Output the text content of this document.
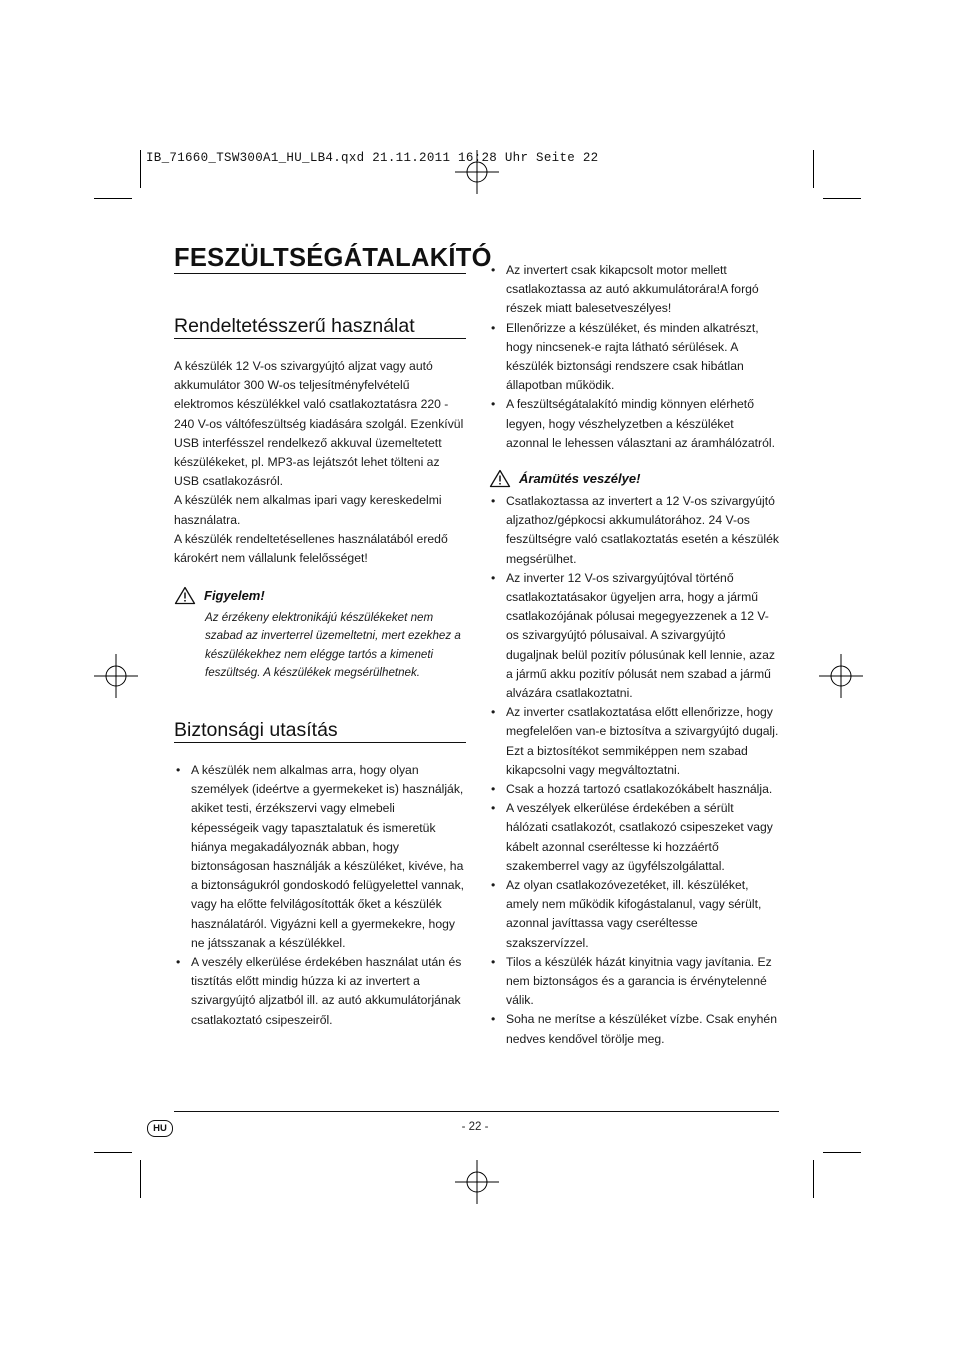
IB_71660_TSW300A1_HU_LB4.qxd 21.11.2011 16:28 Uhr Seite 22
FESZÜLTSÉGÁTALAKÍTÓ
Rendeltetésszerű használat

A készülék 12 V-os szivargyújtó aljzat vagy autó akkumulátor 300 W-os teljesítményfelvételű elektromos készülékkel való csatlakoztatásra 220 - 240 V-os váltófeszültség kiadására szolgál. Ezenkívül USB interfésszel rendelkező akkuval üzemeltetett készülékeket, pl. MP3-as lejátszót lehet tölteni az USB csatlakozásról.

A készülék nem alkalmas ipari vagy kereskedelmi használatra.

A készülék rendeltetésellenes használatából eredő károkért nem vállalunk felelősséget!

Figyelem!

Az érzékeny elektronikájú készülékeket nem szabad az inverterrel üzemeltetni, mert ezekhez a készülékekhez nem elégge tartós a kimeneti feszültség. A készülékek megsérülhetnek.

Biztonsági utasítás
• A készülék nem alkalmas arra, hogy olyan személyek (ideértve a gyermekeket is) használják, akiket testi, érzékszervi vagy elmebeli képességeik vagy tapasztalatuk és ismeretük hiánya megakadályoznák abban, hogy biztonságosan használják a készüléket, kivéve, ha a biztonságukról gondoskodó felügyelettel vannak, vagy ha előtte felvilágosították őket a készülék használatáról. Vigyázni kell a gyermekekre, hogy ne játsszanak a készülékkel.
• A veszély elkerülése érdekében használat után és tisztítás előtt mindig húzza ki az invertert a szivargyújtó aljzatból ill. az autó akkumulátorjának csatlakoztató csipeszeiről.
• Az invertert csak kikapcsolt motor mellett csatlakoztassa az autó akkumulátorára!A forgó részek miatt balesetveszélyes!
• Ellenőrizze a készüléket, és minden alkatrészt, hogy nincsenek-e rajta látható sérülések. A készülék biztonsági rendszere csak hibátlan állapotban működik.
• A feszültségátalakító mindig könnyen elérhető legyen, hogy vészhelyzetben a készüléket azonnal le lehessen választani az áramhálózatról.
Áramütés veszélye!
• Csatlakoztassa az invertert a 12 V-os szivargyújtó aljzathoz/gépkocsi akkumulátorához. 24 V-os feszültségre való csatlakoztatás esetén a készülék megsérülhet.
• Az inverter 12 V-os szivargyújtóval történő csatlakoztatásakor ügyeljen arra, hogy a jármű csatlakozójának pólusai megegyezzenek a 12 V-os szivargyújtó pólusaival. A szivargyújtó dugaljnak belül pozitív pólusúnak kell lennie, azaz a jármű akku pozitív pólusát nem szabad a jármű alvázára csatlakoztatni.
• Az inverter csatlakoztatása előtt ellenőrizze, hogy megfelelően van-e biztosítva a szivargyújtó dugalj. Ezt a biztosítékot semmiképpen nem szabad kikapcsolni vagy megváltoztatni.
• Csak a hozzá tartozó csatlakozókábelt használja.
• A veszélyek elkerülése érdekében a sérült hálózati csatlakozót, csatlakozó csipeszeket vagy kábelt azonnal cseréltesse ki hozzáértő szakemberrel vagy az ügyfélszolgálattal.
• Az olyan csatlakozóvezetéket, ill. készüléket, amely nem működik kifogástalanul, vagy sérült, azonnal javíttassa vagy cseréltesse szakszervízzel.
• Tilos a készülék házát kinyitnia vagy javítania. Ez nem biztonságos és a garancia is érvénytelenné válik.
• Soha ne merítse a készüléket vízbe. Csak enyhén nedves kendővel törölje meg.
HU	- 22 -
